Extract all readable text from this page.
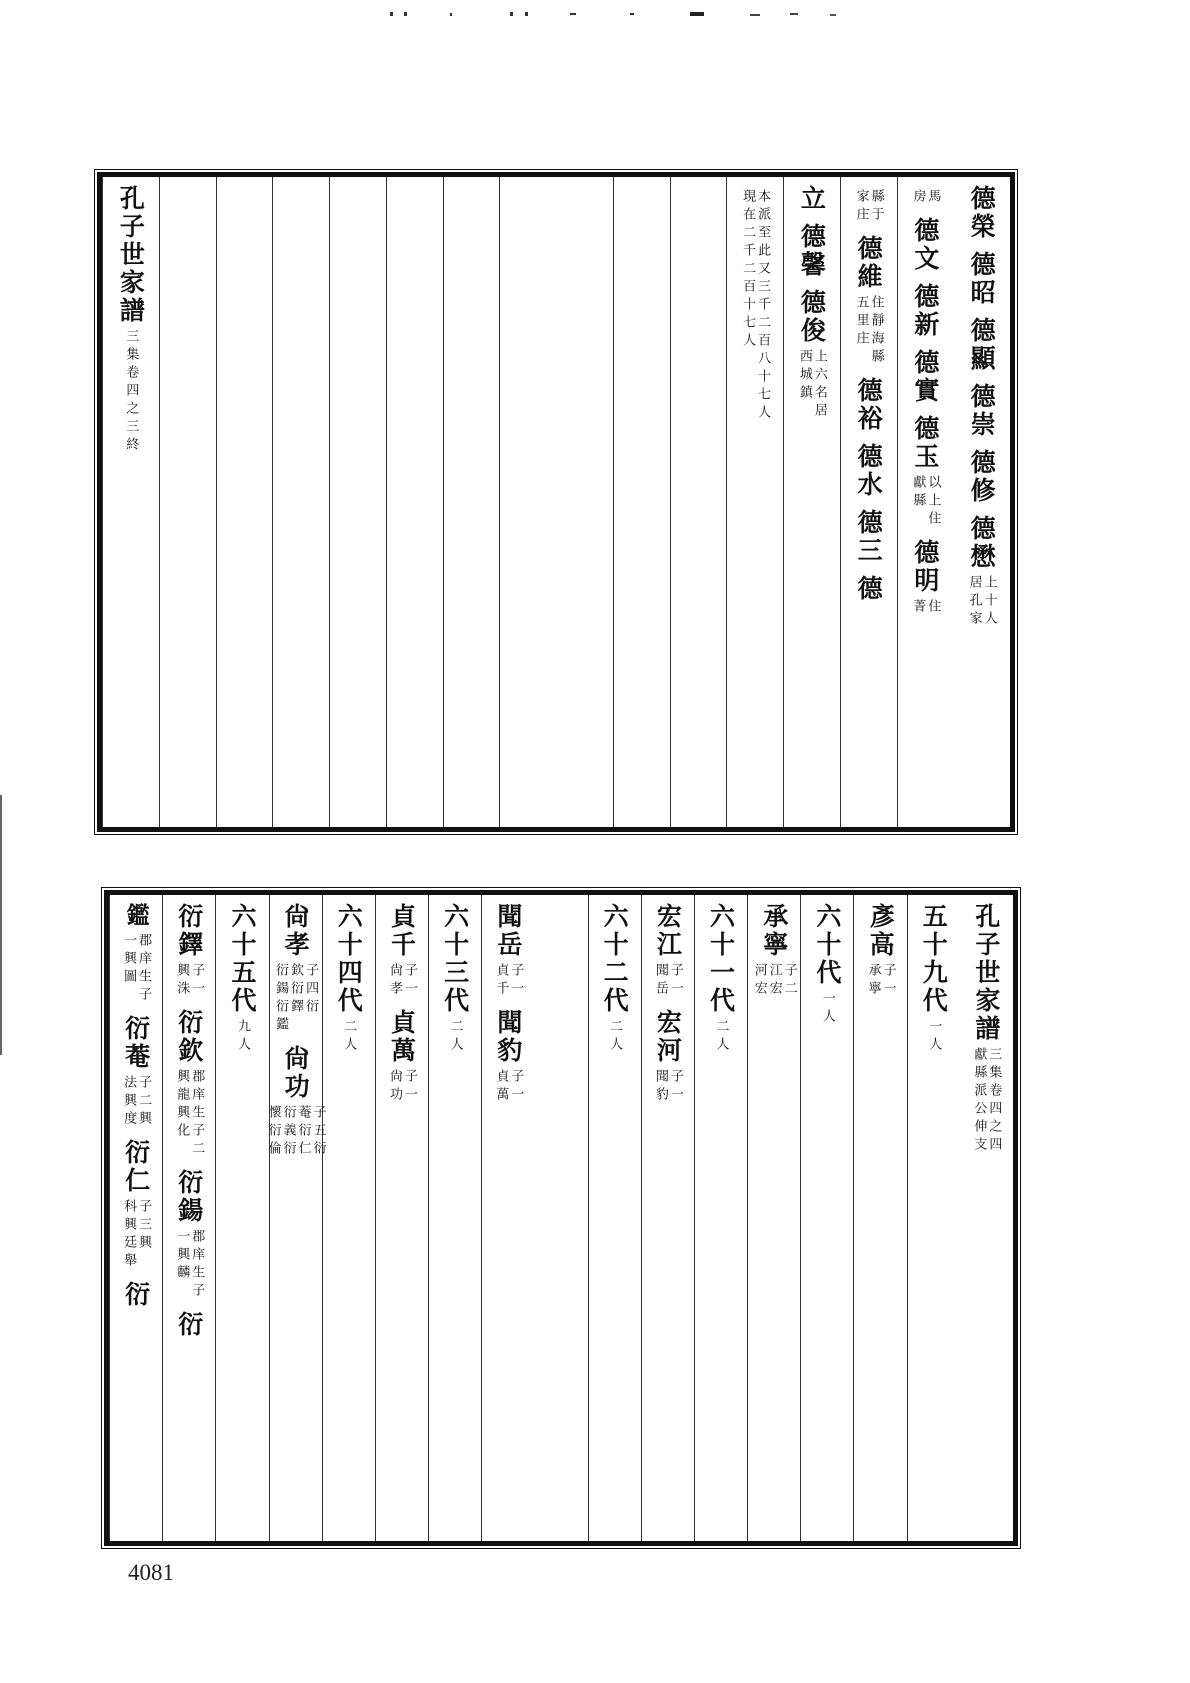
德榮
德昭
德顯
德崇
德修
德懋
上十人
居孔家
馬
房
德文
德新
德實
德玉
以上住
獻縣
德明
住
菁
縣于
家庄
德維
住靜海縣
五里庄
德裕
德水
德三
德
立
德馨
德俊
上六名居
西城鎮
本派至此又三千二百八十七人
現在二千二百十七人
孔子世家譜
三集卷四之三終
孔子世家譜
三集卷四之四
獻縣派公伸支
五十九代
一人
彥高
子一
承寧
六十代
一人
承寧
子二
江宏
河宏
六十一代
二人
宏江
子一
聞岳
宏河
子一
聞豹
六十二代
二人
聞岳
子一
貞千
聞豹
子一
貞萬
六十三代
二人
貞千
子一
尙孝
貞萬
子一
尙功
六十四代
二人
尙孝
子四衍
欽衍鐸
衍鍚衍鑑
尙功
子五衍
菴衍仁
衍義衍
懷衍倫
六十五代
九人
衍鐸
子一
興洙
衍欽
郡庠生子二
興龍興化
衍鍚
郡庠生子
一興麟
衍
鑑
郡庠生子
一興圖
衍菴
子二興
法興度
衍仁
子三興
科興廷舉
衍
4081
